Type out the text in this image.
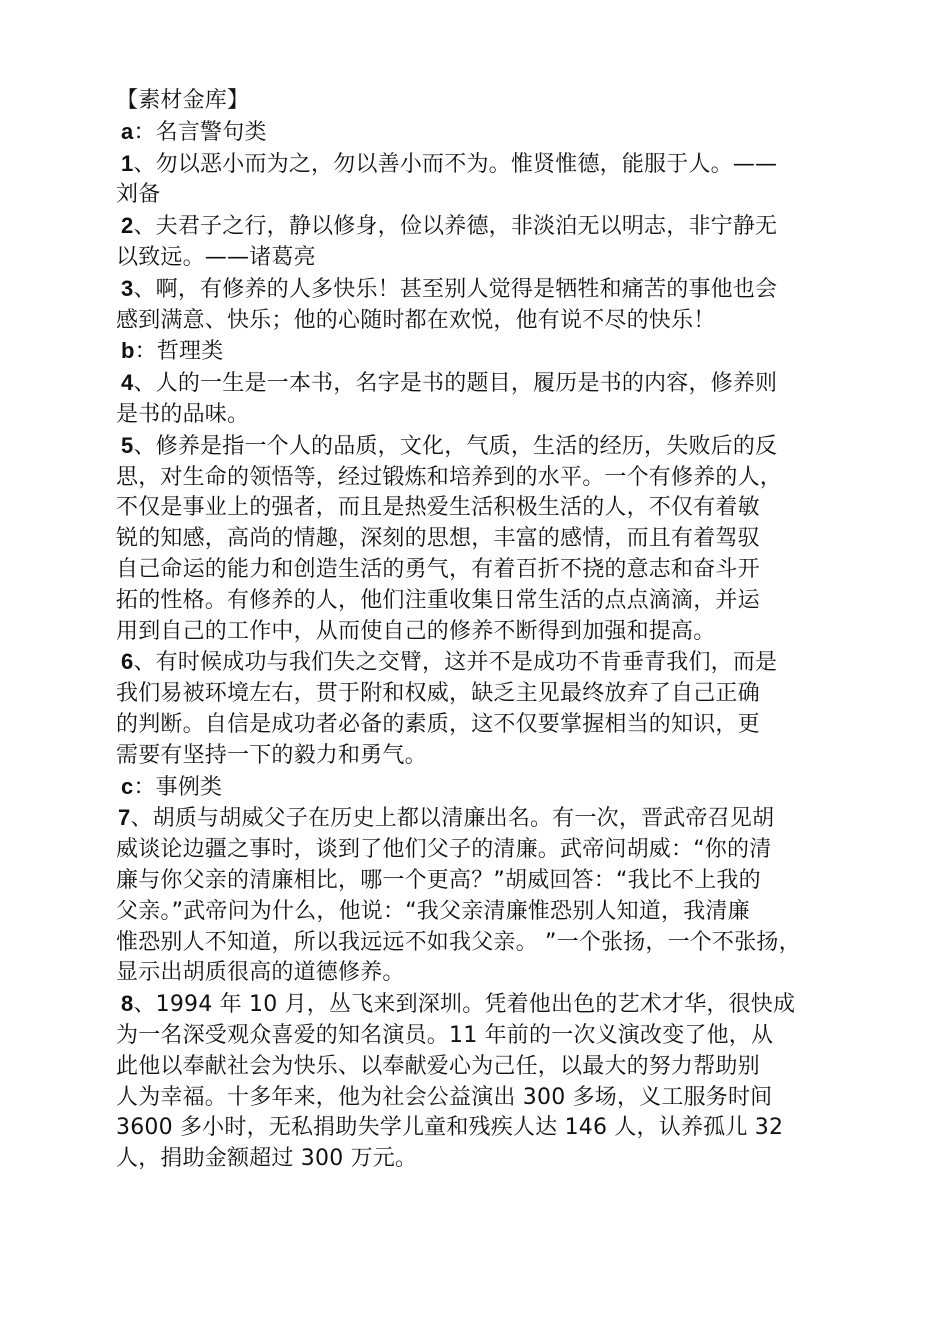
【素材金库】
a：名言警句类
1、勿以恶小而为之，勿以善小而不为。惟贤惟德，能服于人。——
刘备
2、夫君子之行，静以修身，俭以养德，非淡泊无以明志，非宁静无
以致远。——诸葛亮
3、啊，有修养的人多快乐！甚至别人觉得是牺牲和痛苦的事他也会
感到满意、快乐；他的心随时都在欢悦，他有说不尽的快乐！
b：哲理类
4、人的一生是一本书，名字是书的题目，履历是书的内容，修养则
是书的品味。
5、修养是指一个人的品质，文化，气质，生活的经历，失败后的反
思，对生命的领悟等，经过锻炼和培养到的水平。一个有修养的人，
不仅是事业上的强者，而且是热爱生活积极生活的人，不仅有着敏
锐的知感，高尚的情趣，深刻的思想，丰富的感情，而且有着驾驭
自己命运的能力和创造生活的勇气，有着百折不挠的意志和奋斗开
拓的性格。有修养的人，他们注重收集日常生活的点点滴滴，并运
用到自己的工作中，从而使自己的修养不断得到加强和提高。
6、有时候成功与我们失之交臂，这并不是成功不肯垂青我们，而是
我们易被环境左右，贯于附和权威，缺乏主见最终放弃了自己正确
的判断。自信是成功者必备的素质，这不仅要掌握相当的知识，更
需要有坚持一下的毅力和勇气。
c：事例类
7、胡质与胡威父子在历史上都以清廉出名。有一次，晋武帝召见胡
威谈论边疆之事时，谈到了他们父子的清廉。武帝问胡威：“你的清
廉与你父亲的清廉相比，哪一个更高？”胡威回答：“我比不上我的
父亲。”武帝问为什么，他说：“我父亲清廉惟恐别人知道，我清廉
惟恐别人不知道，所以我远远不如我父亲。 ”一个张扬，一个不张扬，
显示出胡质很高的道德修养。
8、1994 年 10 月，丛飞来到深圳。凭着他出色的艺术才华，很快成
为一名深受观众喜爱的知名演员。11 年前的一次义演改变了他，从
此他以奉献社会为快乐、以奉献爱心为己任，以最大的努力帮助别
人为幸福。十多年来，他为社会公益演出 300 多场，义工服务时间
3600 多小时，无私捐助失学儿童和残疾人达 146 人，认养孤儿 32
人，捐助金额超过 300 万元。
